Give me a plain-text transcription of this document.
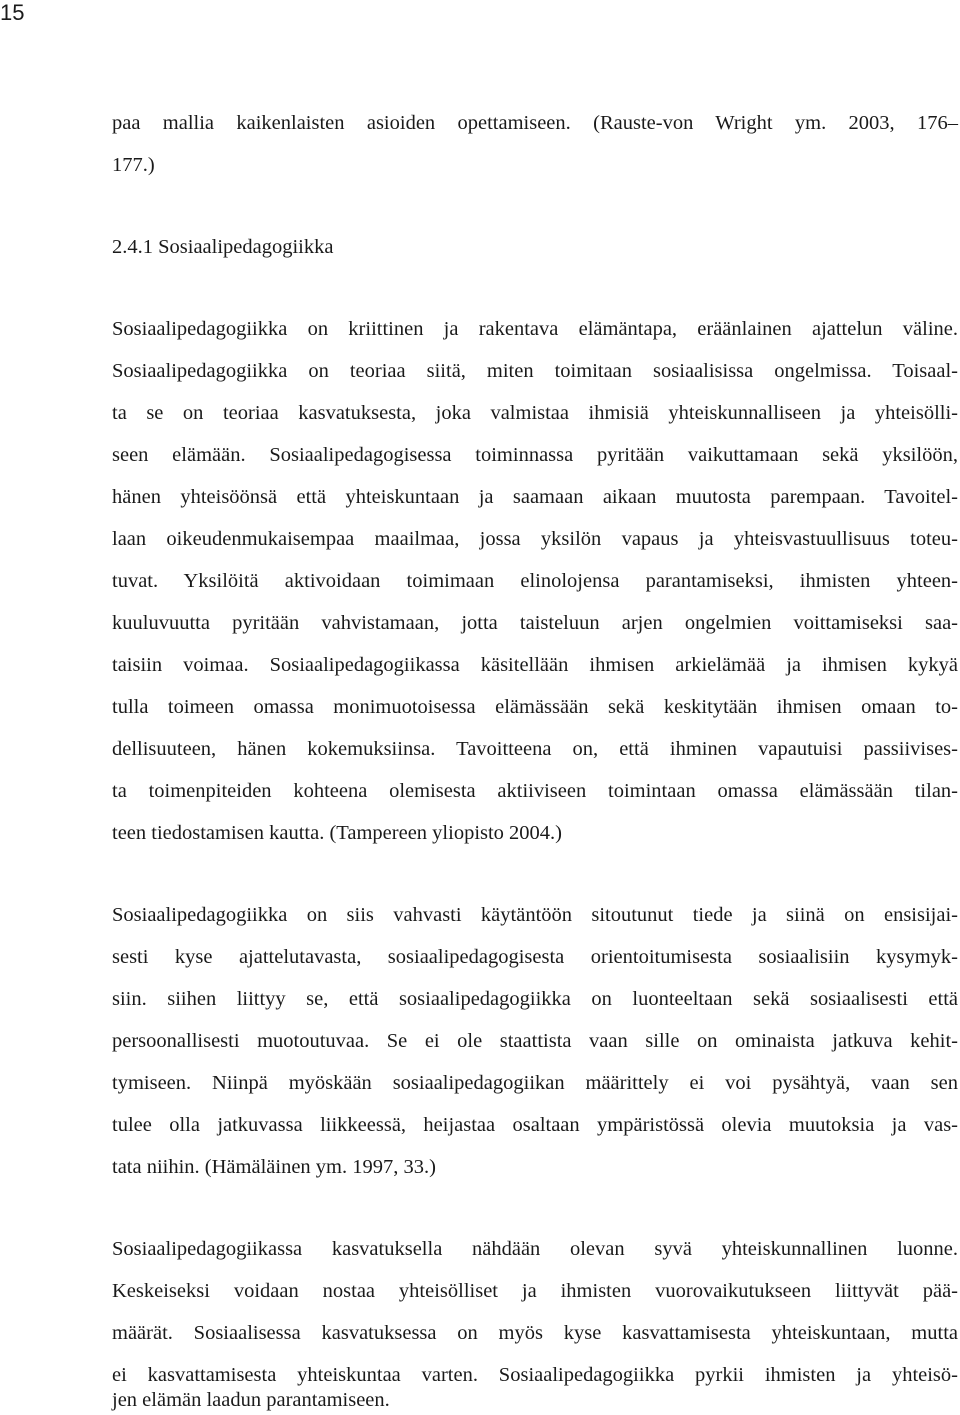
15
paa mallia kaikenlaisten asioiden opettamiseen. (Rauste-von Wright ym. 2003, 176–
177.)
2.4.1 Sosiaalipedagogiikka
Sosiaalipedagogiikka on kriittinen ja rakentava elämäntapa, eräänlainen ajattelun väline.
Sosiaalipedagogiikka on teoriaa siitä, miten toimitaan sosiaalisissa ongelmissa. Toisaal-
ta se on teoriaa kasvatuksesta, joka valmistaa ihmisiä yhteiskunnalliseen ja yhteisölli-
seen elämään. Sosiaalipedagogisessa toiminnassa pyritään vaikuttamaan sekä yksilöön,
hänen yhteisöönsä että yhteiskuntaan ja saamaan aikaan muutosta parempaan. Tavoitel-
laan oikeudenmukaisempaa maailmaa, jossa yksilön vapaus ja yhteisvastuullisuus toteu-
tuvat. Yksilöitä aktivoidaan toimimaan elinolojensa parantamiseksi, ihmisten yhteen-
kuuluvuutta pyritään vahvistamaan, jotta taisteluun arjen ongelmien voittamiseksi saa-
taisiin voimaa. Sosiaalipedagogiikassa käsitellään ihmisen arkielämää ja ihmisen kykyä
tulla toimeen omassa monimuotoisessa elämässään sekä keskitytään ihmisen omaan to-
dellisuuteen, hänen kokemuksiinsa. Tavoitteena on, että ihminen vapautuisi passiivises-
ta toimenpiteiden kohteena olemisesta aktiiviseen toimintaan omassa elämässään tilan-
teen tiedostamisen kautta. (Tampereen yliopisto 2004.)
Sosiaalipedagogiikka on siis vahvasti käytäntöön sitoutunut tiede ja siinä on ensisijai-
sesti kyse ajattelutavasta, sosiaalipedagogisesta orientoitumisesta sosiaalisiin kysymyk-
siin. siihen liittyy se, että sosiaalipedagogiikka on luonteeltaan sekä sosiaalisesti että
persoonallisesti muotoutuvaa. Se ei ole staattista vaan sille on ominaista jatkuva kehit-
tymiseen. Niinpä myöskään sosiaalipedagogiikan määrittely ei voi pysähtyä, vaan sen
tulee olla jatkuvassa liikkeessä, heijastaa osaltaan ympäristössä olevia muutoksia ja vas-
tata niihin. (Hämäläinen ym. 1997, 33.)
Sosiaalipedagogiikassa kasvatuksella nähdään olevan syvä yhteiskunnallinen luonne.
Keskeiseksi voidaan nostaa yhteisölliset ja ihmisten vuorovaikutukseen liittyvät pää-
määrät. Sosiaalisessa kasvatuksessa on myös kyse kasvattamisesta yhteiskuntaan, mutta
ei kasvattamisesta yhteiskuntaa varten. Sosiaalipedagogiikka pyrkii ihmisten ja yhteisö-
jen elämän laadun parantamiseen.
